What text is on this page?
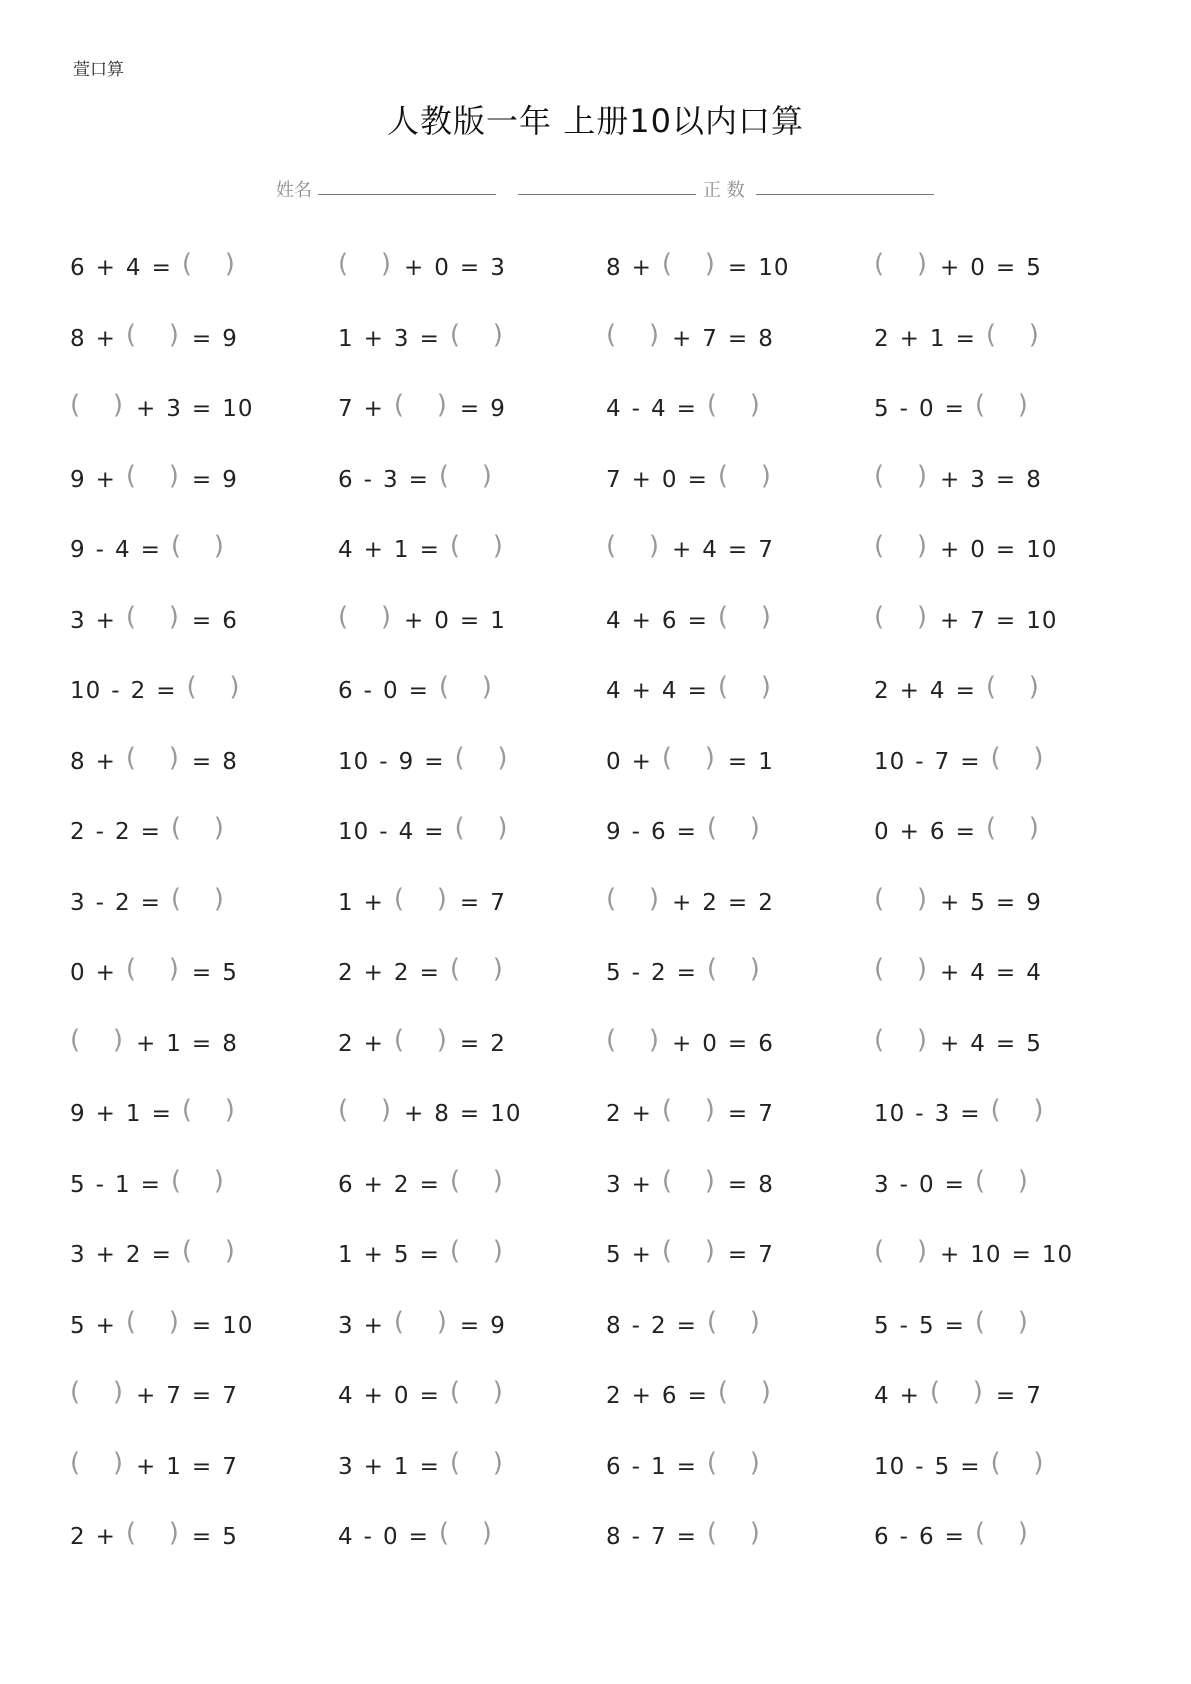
萱口算
人教版一年 上册10以内口算
姓名	正 数
6 + 4 = ( )	( ) + 0 = 3	8 + ( ) = 10	( ) + 0 = 5
8 + ( ) = 9	1 + 3 = ( )	( ) + 7 = 8	2 + 1 = ( )
( ) + 3 = 10	7 + ( ) = 9	4 - 4 = ( )	5 - 0 = ( )
9 + ( ) = 9	6 - 3 = ( )	7 + 0 = ( )	( ) + 3 = 8
9 - 4 = ( )	4 + 1 = ( )	( ) + 4 = 7	( ) + 0 = 10
3 + ( ) = 6	( ) + 0 = 1	4 + 6 = ( )	( ) + 7 = 10
10 - 2 = ( )	6 - 0 = ( )	4 + 4 = ( )	2 + 4 = ( )
8 + ( ) = 8	10 - 9 = ( )	0 + ( ) = 1	10 - 7 = ( )
2 - 2 = ( )	10 - 4 = ( )	9 - 6 = ( )	0 + 6 = ( )
3 - 2 = ( )	1 + ( ) = 7	( ) + 2 = 2	( ) + 5 = 9
0 + ( ) = 5	2 + 2 = ( )	5 - 2 = ( )	( ) + 4 = 4
( ) + 1 = 8	2 + ( ) = 2	( ) + 0 = 6	( ) + 4 = 5
9 + 1 = ( )	( ) + 8 = 10	2 + ( ) = 7	10 - 3 = ( )
5 - 1 = ( )	6 + 2 = ( )	3 + ( ) = 8	3 - 0 = ( )
3 + 2 = ( )	1 + 5 = ( )	5 + ( ) = 7	( ) + 10 = 10
5 + ( ) = 10	3 + ( ) = 9	8 - 2 = ( )	5 - 5 = ( )
( ) + 7 = 7	4 + 0 = ( )	2 + 6 = ( )	4 + ( ) = 7
( ) + 1 = 7	3 + 1 = ( )	6 - 1 = ( )	10 - 5 = ( )
2 + ( ) = 5	4 - 0 = ( )	8 - 7 = ( )	6 - 6 = ( )
